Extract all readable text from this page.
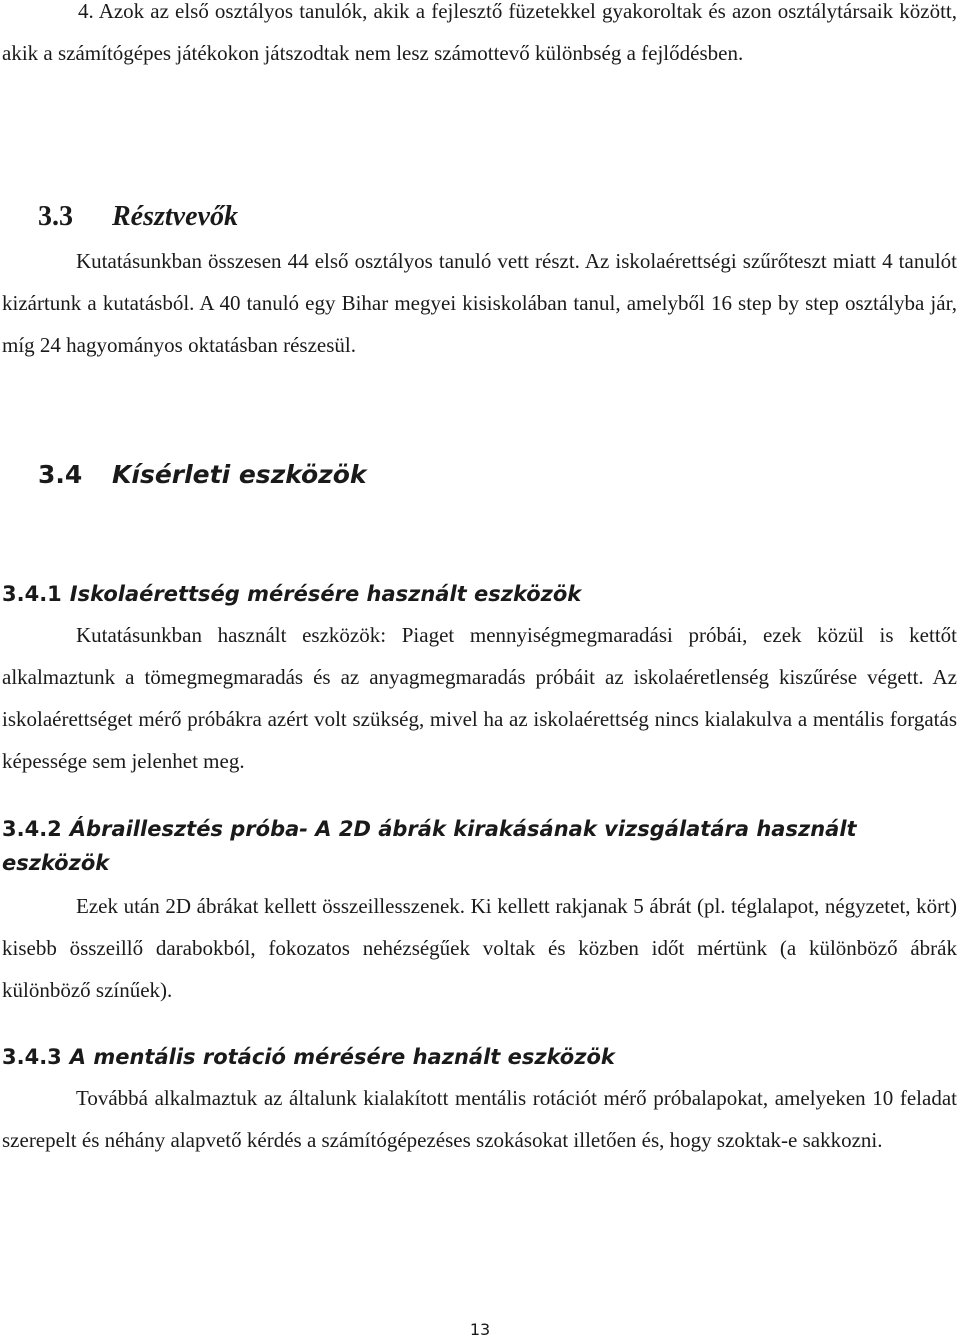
4. Azok az első osztályos tanulók, akik a fejlesztő füzetekkel gyakoroltak és azon osztálytársaik között, akik a számítógépes játékokon játszodtak nem lesz számottevő különbség a fejlődésben.

3.3 Résztvevők

Kutatásunkban összesen 44 első osztályos tanuló vett részt. Az iskolaérettségi szűrőteszt miatt 4 tanulót kizártunk a kutatásból. A 40 tanuló egy Bihar megyei kisiskolában tanul, amelyből 16 step by step osztályba jár, míg 24 hagyományos oktatásban részesül.

3.4 Kísérleti eszközök
3.4.1 Iskolaérettség mérésére használt eszközök

Kutatásunkban használt eszközök: Piaget mennyiségmegmaradási próbái, ezek közül is kettőt alkalmaztunk a tömegmegmaradás és az anyagmegmaradás próbáit az iskolaéretlenség kiszűrése végett. Az iskolaérettséget mérő próbákra azért volt szükség, mivel ha az iskolaérettség nincs kialakulva a mentális forgatás képessége sem jelenhet meg.

3.4.2 Ábraillesztés próba- A 2D ábrák kirakásának vizsgálatára használt eszközök

Ezek után 2D ábrákat kellett összeillesszenek. Ki kellett rakjanak 5 ábrát (pl. téglalapot, négyzetet, kört) kisebb összeillő darabokból, fokozatos nehézségűek voltak és közben időt mértünk (a különböző ábrák különböző színűek).

3.4.3 A mentális rotáció mérésére haznált eszközök

Továbbá alkalmaztuk az általunk kialakított mentális rotációt mérő próbalapokat, amelyeken 10 feladat szerepelt és néhány alapvető kérdés a számítógépezéses szokásokat illetően és, hogy szoktak-e sakkozni.

13
